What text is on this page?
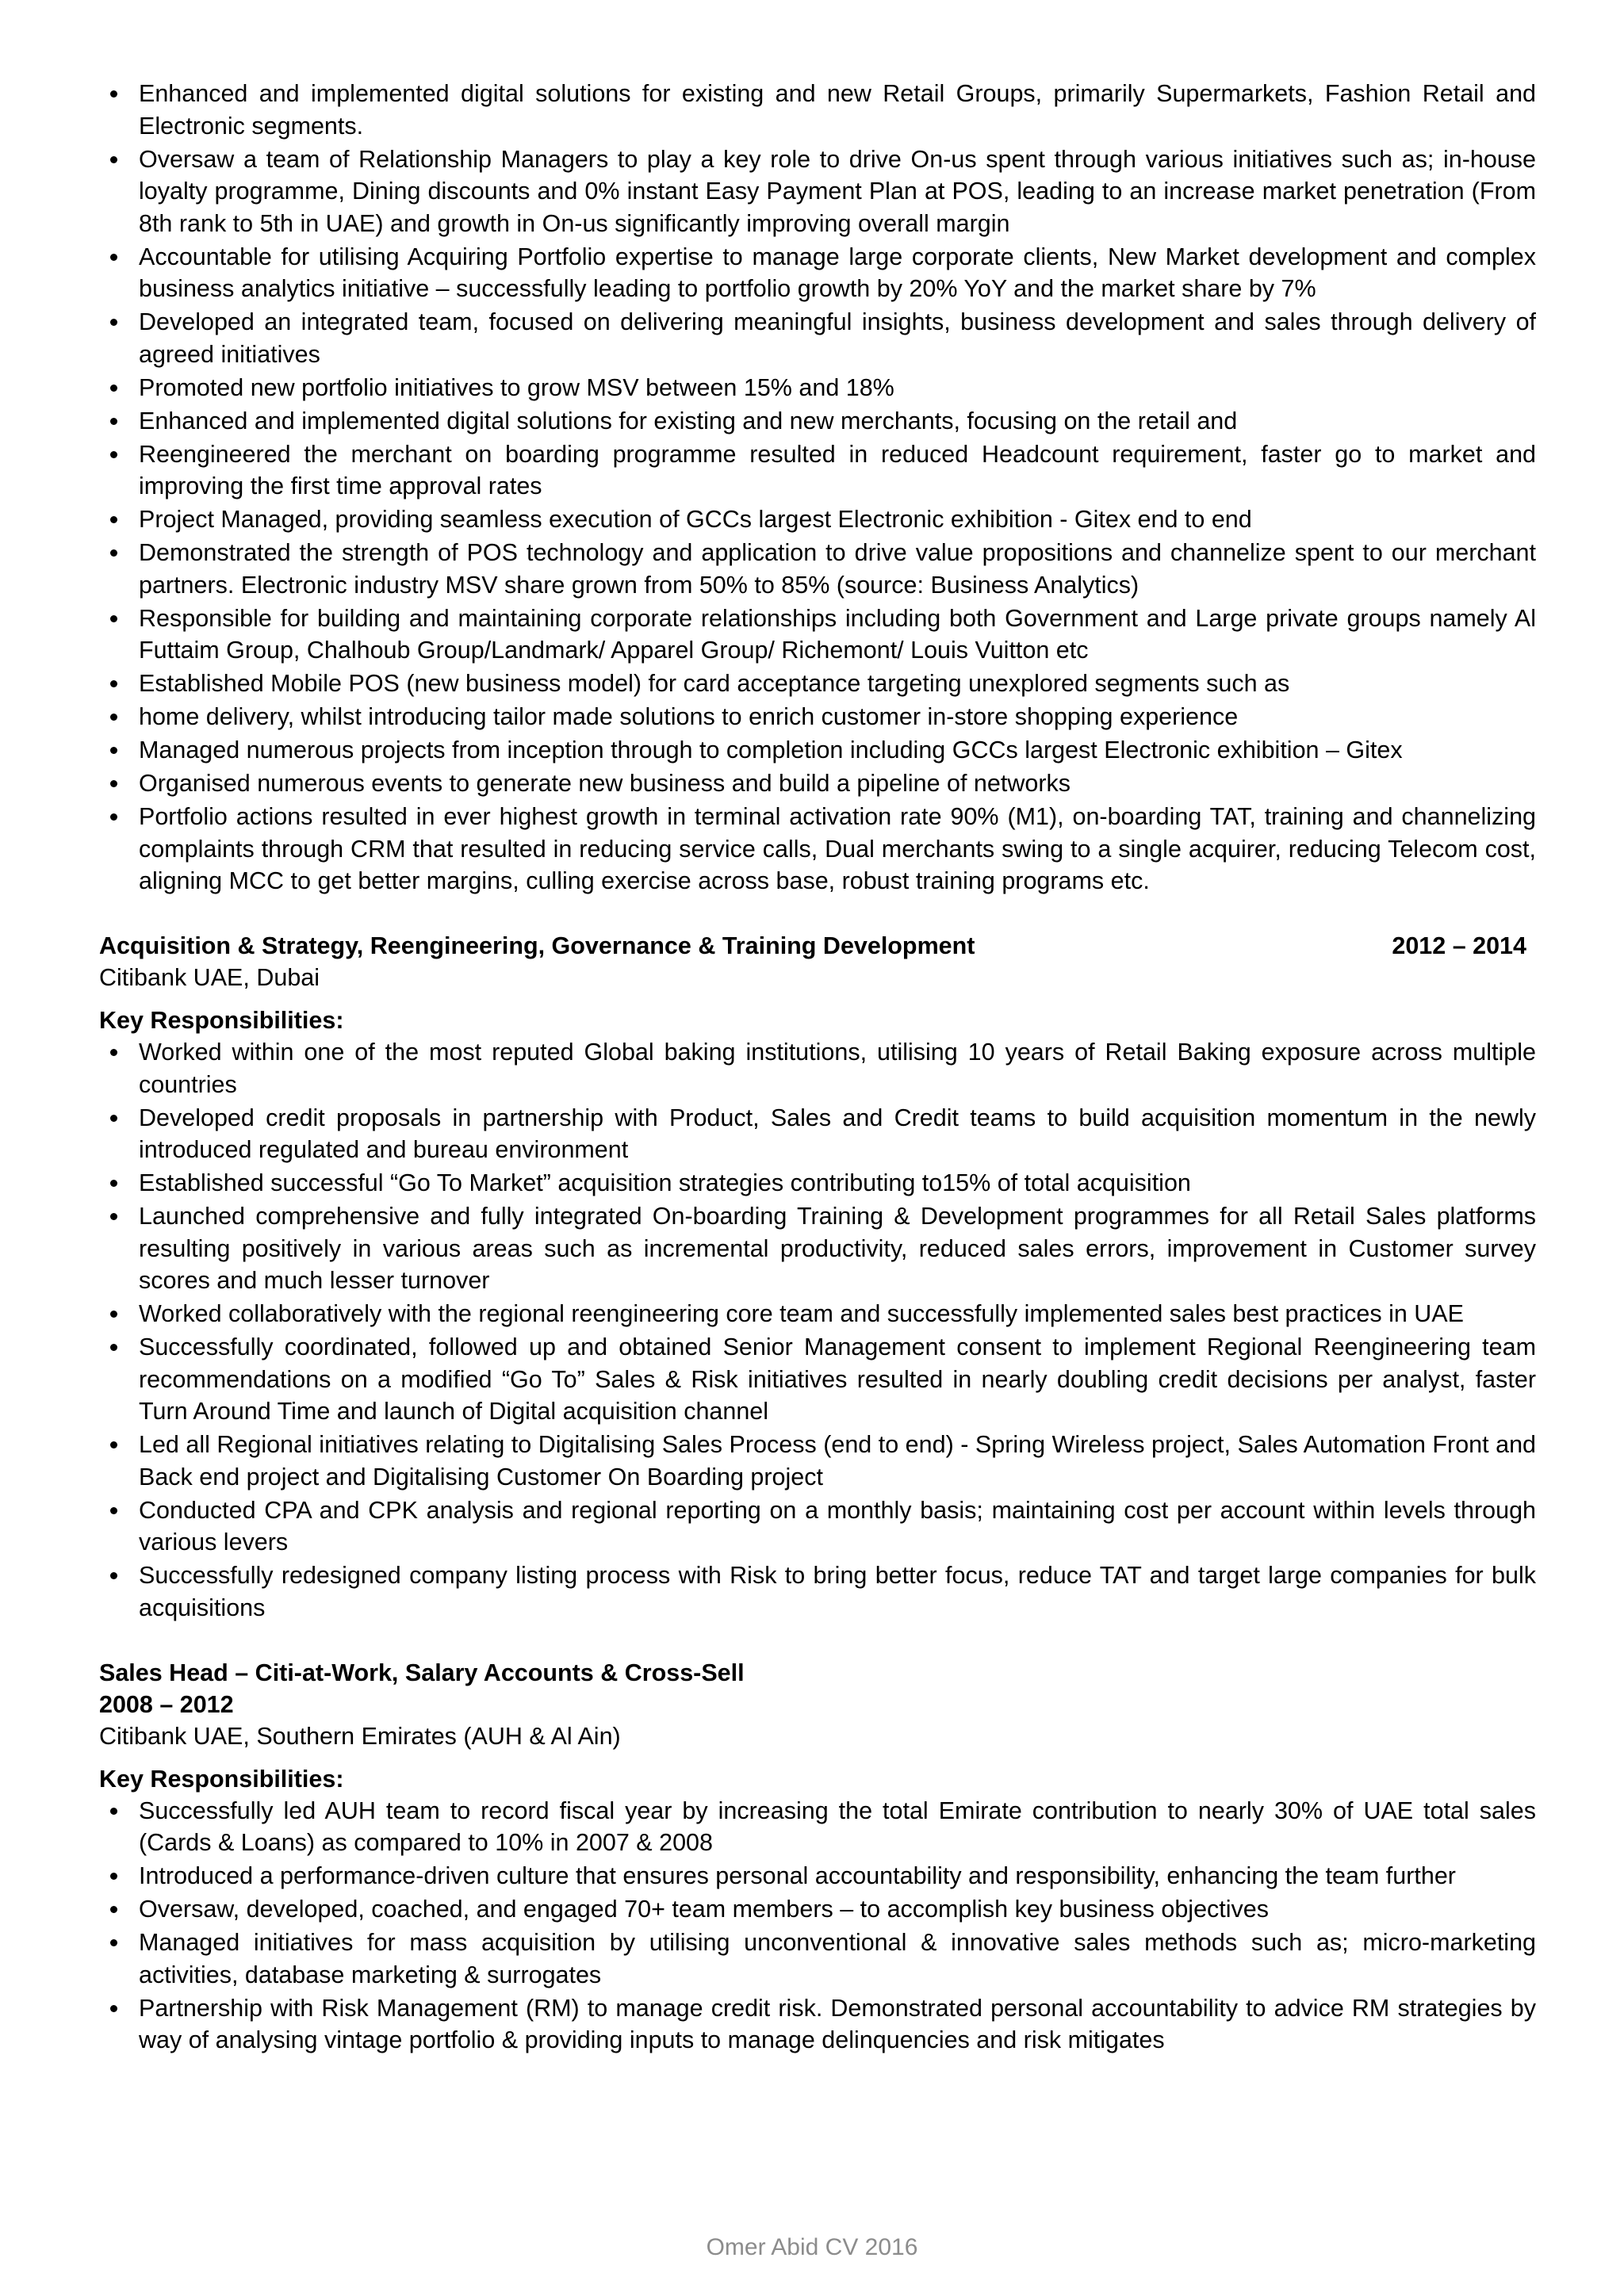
Enhanced and implemented digital solutions for existing and new Retail Groups, primarily Supermarkets, Fashion Retail and Electronic segments.
Oversaw a team of Relationship Managers to play a key role to drive On-us spent through various initiatives such as; in-house loyalty programme, Dining discounts and 0% instant Easy Payment Plan at POS, leading to an increase market penetration (From 8th rank to 5th in UAE) and growth in On-us significantly improving overall margin
Accountable for utilising Acquiring Portfolio expertise to manage large corporate clients, New Market development and complex business analytics initiative – successfully leading to portfolio growth by 20% YoY and the market share by 7%
Developed an integrated team, focused on delivering meaningful insights, business development and sales through delivery of agreed initiatives
Promoted new portfolio initiatives to grow MSV between 15% and 18%
Enhanced and implemented digital solutions for existing and new merchants, focusing on the retail and
Reengineered the merchant on boarding programme resulted in reduced Headcount requirement, faster go to market and improving the first time approval rates
Project Managed, providing seamless execution of GCCs largest Electronic exhibition - Gitex end to end
Demonstrated the strength of POS technology and application to drive value propositions and channelize spent to our merchant partners. Electronic industry MSV share grown from 50% to 85% (source: Business Analytics)
Responsible for building and maintaining corporate relationships including both Government and Large private groups namely Al Futtaim Group, Chalhoub Group/Landmark/ Apparel Group/ Richemont/ Louis Vuitton etc
Established Mobile POS (new business model) for card acceptance targeting unexplored segments such as
home delivery, whilst introducing tailor made solutions to enrich customer in-store shopping experience
Managed numerous projects from inception through to completion including GCCs largest Electronic exhibition – Gitex
Organised numerous events to generate new business and build a pipeline of networks
Portfolio actions resulted in ever highest growth in terminal activation rate 90% (M1), on-boarding TAT, training and channelizing complaints through CRM that resulted in reducing service calls, Dual merchants swing to a single acquirer, reducing Telecom cost, aligning MCC to get better margins, culling exercise across base, robust training programs etc.
Acquisition & Strategy, Reengineering, Governance & Training Development	2012 – 2014
Citibank UAE, Dubai
Key Responsibilities:
Worked within one of the most reputed Global baking institutions, utilising 10 years of Retail Baking exposure across multiple countries
Developed credit proposals in partnership with Product, Sales and Credit teams to build acquisition momentum in the newly introduced regulated and bureau environment
Established successful “Go To Market” acquisition strategies contributing to15% of total acquisition
Launched comprehensive and fully integrated On-boarding Training & Development programmes for all Retail Sales platforms resulting positively in various areas such as incremental productivity, reduced sales errors, improvement in Customer survey scores and much lesser turnover
Worked collaboratively with the regional reengineering core team and successfully implemented sales best practices in UAE
Successfully coordinated, followed up and obtained Senior Management consent to implement Regional Reengineering team recommendations on a modified “Go To” Sales & Risk initiatives resulted in nearly doubling credit decisions per analyst, faster Turn Around Time and launch of Digital acquisition channel
Led all Regional initiatives relating to Digitalising Sales Process (end to end) - Spring Wireless project, Sales Automation Front and Back end project and Digitalising Customer On Boarding project
Conducted CPA and CPK analysis and regional reporting on a monthly basis; maintaining cost per account within levels through various levers
Successfully redesigned company listing process with Risk to bring better focus, reduce TAT and target large companies for bulk acquisitions
Sales Head – Citi-at-Work, Salary Accounts & Cross-Sell
2008 – 2012
Citibank UAE, Southern Emirates (AUH & Al Ain)
Key Responsibilities:
Successfully led AUH team to record fiscal year by increasing the total Emirate contribution to nearly 30% of UAE total sales (Cards & Loans) as compared to 10% in 2007 & 2008
Introduced a performance-driven culture that ensures personal accountability and responsibility, enhancing the team further
Oversaw, developed, coached, and engaged 70+ team members – to accomplish key business objectives
Managed initiatives for mass acquisition by utilising unconventional & innovative sales methods such as; micro-marketing activities, database marketing & surrogates
Partnership with Risk Management (RM) to manage credit risk. Demonstrated personal accountability to advice RM strategies by way of analysing vintage portfolio & providing inputs to manage delinquencies and risk mitigates
Omer Abid CV 2016
